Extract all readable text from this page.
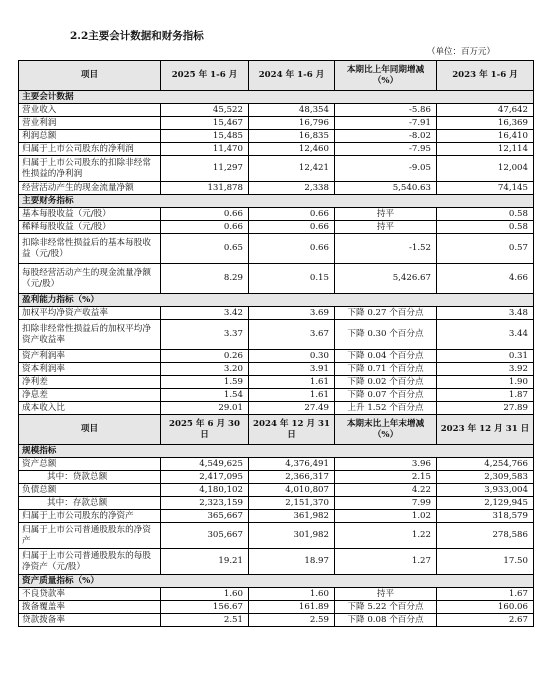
2.2主要会计数据和财务指标
（单位：百万元）
项目	2025 年 1-6 月	2024 年 1-6 月	本期比上年同期增减（%）	2023 年 1-6 月
主要会计数据				
营业收入	45,522	48,354	-5.86	47,642
营业利润	15,467	16,796	-7.91	16,369
利润总额	15,485	16,835	-8.02	16,410
归属于上市公司股东的净利润	11,470	12,460	-7.95	12,114
归属于上市公司股东的扣除非经常性损益的净利润	11,297	12,421	-9.05	12,004
经营活动产生的现金流量净额	131,878	2,338	5,540.63	74,145
主要财务指标				
基本每股收益（元/股）	0.66	0.66	持平	0.58
稀释每股收益（元/股）	0.66	0.66	持平	0.58
扣除非经常性损益后的基本每股收益（元/股）	0.65	0.66	-1.52	0.57
每股经营活动产生的现金流量净额（元/股）	8.29	0.15	5,426.67	4.66
盈利能力指标（%）				
加权平均净资产收益率	3.42	3.69	下降 0.27 个百分点	3.48
扣除非经常性损益后的加权平均净资产收益率	3.37	3.67	下降 0.30 个百分点	3.44
资产利润率	0.26	0.30	下降 0.04 个百分点	0.31
资本利润率	3.20	3.91	下降 0.71 个百分点	3.92
净利差	1.59	1.61	下降 0.02 个百分点	1.90
净息差	1.54	1.61	下降 0.07 个百分点	1.87
成本收入比	29.01	27.49	上升 1.52 个百分点	27.89
项目	2025 年 6 月 30 日	2024 年 12 月 31 日	本期末比上年末增减（%）	2023 年 12 月 31 日
规模指标				
资产总额	4,549,625	4,376,491	3.96	4,254,766
其中：贷款总额	2,417,095	2,366,317	2.15	2,309,583
负债总额	4,180,102	4,010,807	4.22	3,933,004
其中：存款总额	2,323,159	2,151,370	7.99	2,129,945
归属于上市公司股东的净资产	365,667	361,982	1.02	318,579
归属于上市公司普通股股东的净资产	305,667	301,982	1.22	278,586
归属于上市公司普通股股东的每股净资产（元/股）	19.21	18.97	1.27	17.50
资产质量指标（%）				
不良贷款率	1.60	1.60	持平	1.67
拨备覆盖率	156.67	161.89	下降 5.22 个百分点	160.06
贷款拨备率	2.51	2.59	下降 0.08 个百分点	2.67
